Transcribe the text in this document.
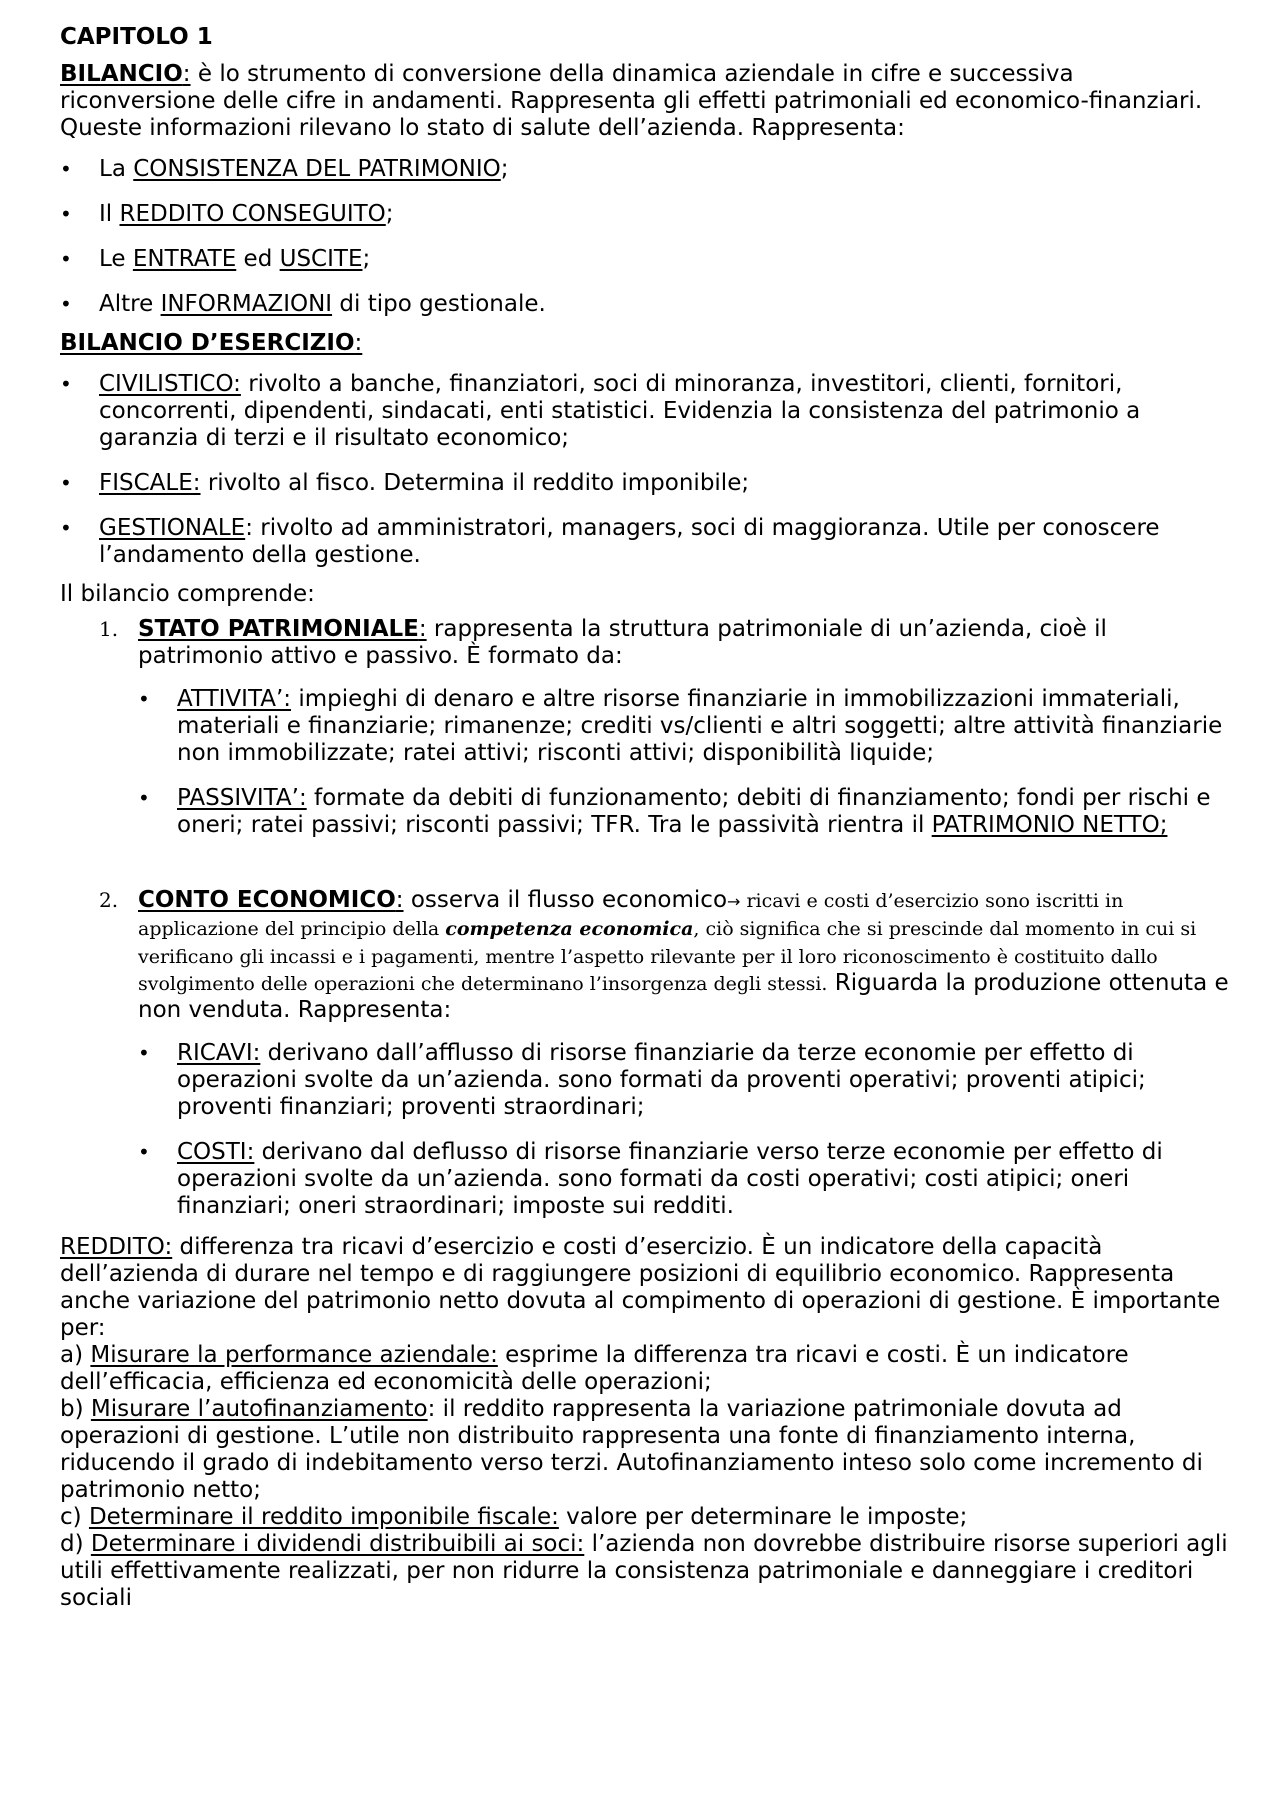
CAPITOLO 1

BILANCIO: è lo strumento di conversione della dinamica aziendale in cifre e successiva riconversione delle cifre in andamenti. Rappresenta gli effetti patrimoniali ed economico-finanziari. Queste informazioni rilevano lo stato di salute dell’azienda. Rappresenta:

• La CONSISTENZA DEL PATRIMONIO;
• Il REDDITO CONSEGUITO;
• Le ENTRATE ed USCITE;
• Altre INFORMAZIONI di tipo gestionale.

BILANCIO D’ESERCIZIO:

• CIVILISTICO: rivolto a banche, finanziatori, soci di minoranza, investitori, clienti, fornitori, concorrenti, dipendenti, sindacati, enti statistici. Evidenzia la consistenza del patrimonio a garanzia di terzi e il risultato economico;
• FISCALE: rivolto al fisco. Determina il reddito imponibile;
• GESTIONALE: rivolto ad amministratori, managers, soci di maggioranza. Utile per conoscere l’andamento della gestione.

Il bilancio comprende:

1. STATO PATRIMONIALE: rappresenta la struttura patrimoniale di un’azienda, cioè il patrimonio attivo e passivo. È formato da:
• ATTIVITA’: impieghi di denaro e altre risorse finanziarie in immobilizzazioni immateriali, materiali e finanziarie; rimanenze; crediti vs/clienti e altri soggetti; altre attività finanziarie non immobilizzate; ratei attivi; risconti attivi; disponibilità liquide;
• PASSIVITA’: formate da debiti di funzionamento; debiti di finanziamento; fondi per rischi e oneri; ratei passivi; risconti passivi; TFR. Tra le passività rientra il PATRIMONIO NETTO;
2. CONTO ECONOMICO: osserva il flusso economico→ ricavi e costi d’esercizio sono iscritti in applicazione del principio della competenza economica, ciò significa che si prescinde dal momento in cui si verificano gli incassi e i pagamenti, mentre l’aspetto rilevante per il loro riconoscimento è costituito dallo svolgimento delle operazioni che determinano l’insorgenza degli stessi. Riguarda la produzione ottenuta e non venduta. Rappresenta:
• RICAVI: derivano dall’afflusso di risorse finanziarie da terze economie per effetto di operazioni svolte da un’azienda. sono formati da proventi operativi; proventi atipici; proventi finanziari; proventi straordinari;
• COSTI: derivano dal deflusso di risorse finanziarie verso terze economie per effetto di operazioni svolte da un’azienda. sono formati da costi operativi; costi atipici; oneri finanziari; oneri straordinari; imposte sui redditi.

REDDITO: differenza tra ricavi d’esercizio e costi d’esercizio. È un indicatore della capacità dell’azienda di durare nel tempo e di raggiungere posizioni di equilibrio economico. Rappresenta anche variazione del patrimonio netto dovuta al compimento di operazioni di gestione. È importante per:

a) Misurare la performance aziendale: esprime la differenza tra ricavi e costi. È un indicatore dell’efficacia, efficienza ed economicità delle operazioni;

b) Misurare l’autofinanziamento: il reddito rappresenta la variazione patrimoniale dovuta ad operazioni di gestione. L’utile non distribuito rappresenta una fonte di finanziamento interna, riducendo il grado di indebitamento verso terzi. Autofinanziamento inteso solo come incremento di patrimonio netto;

c) Determinare il reddito imponibile fiscale: valore per determinare le imposte;

d) Determinare i dividendi distribuibili ai soci: l’azienda non dovrebbe distribuire risorse superiori agli utili effettivamente realizzati, per non ridurre la consistenza patrimoniale e danneggiare i creditori sociali
